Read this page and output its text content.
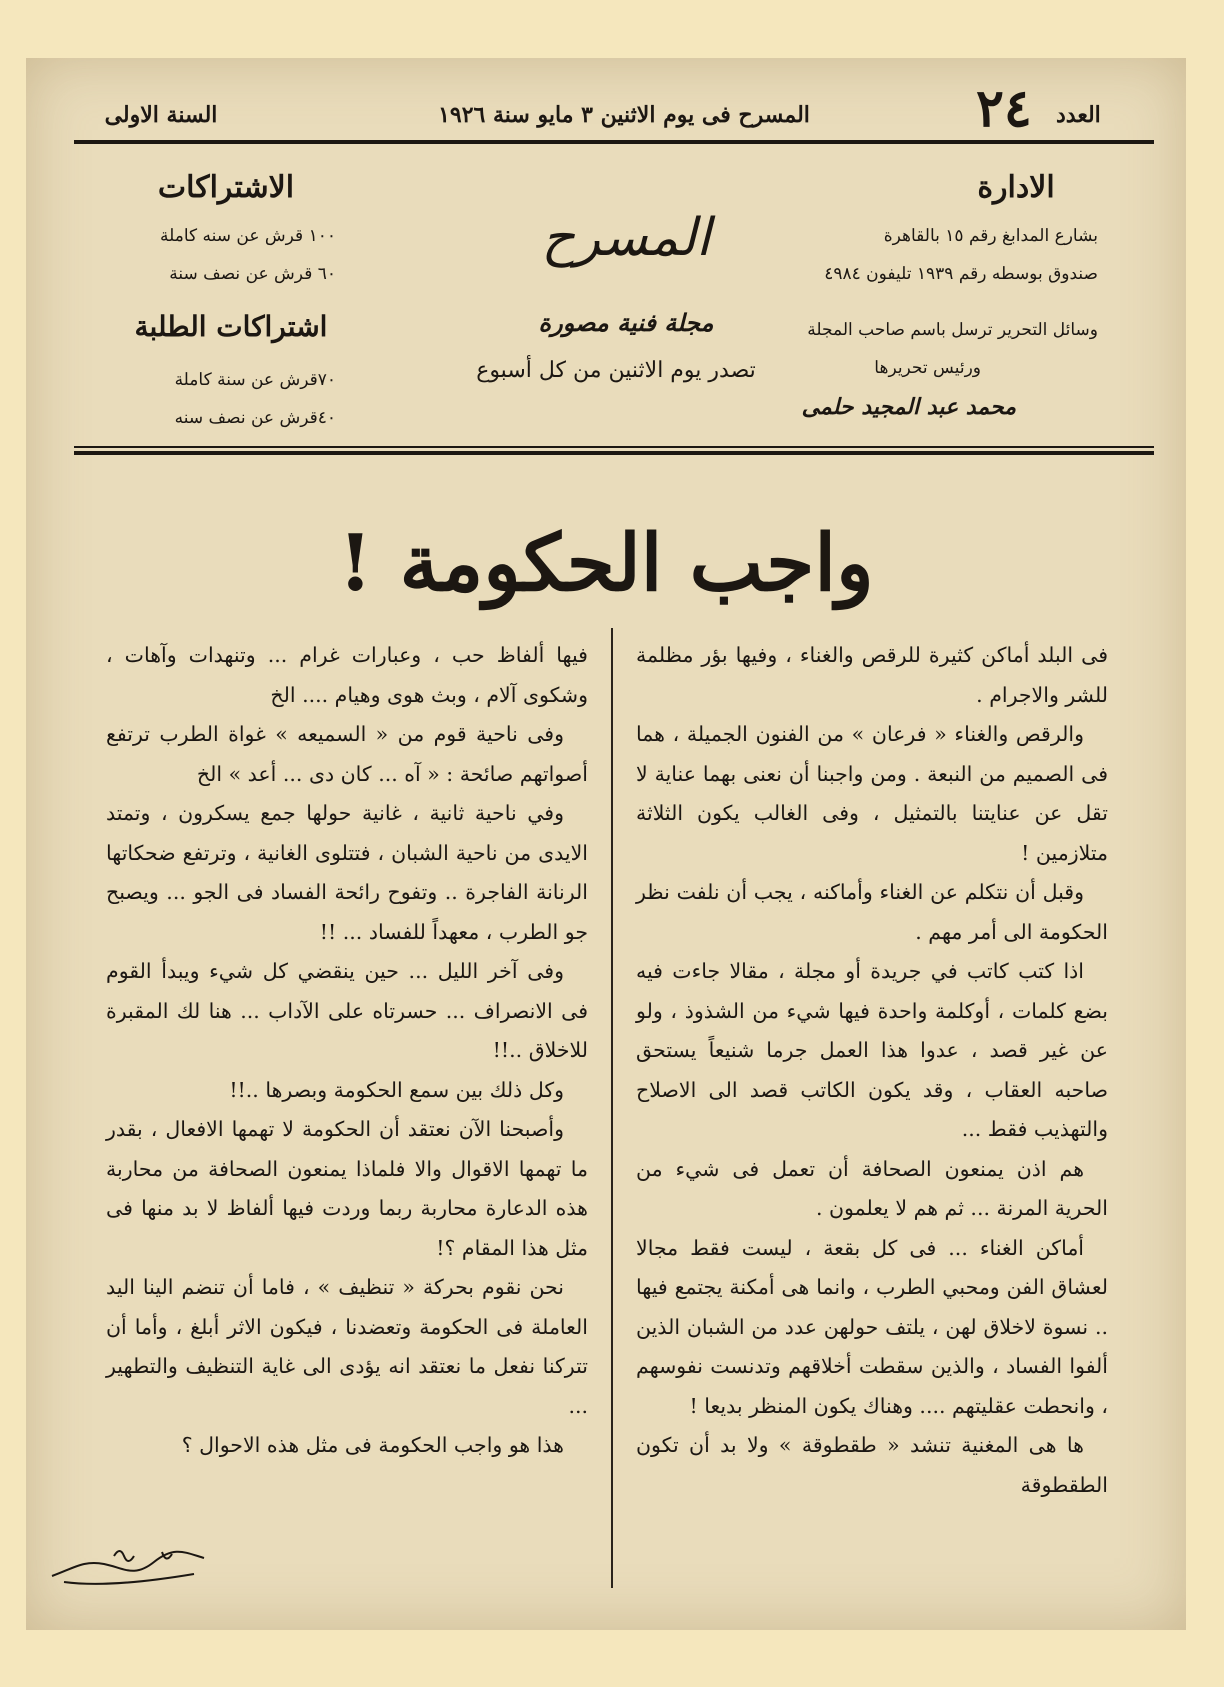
العدد
٢٤
المسرح فى يوم الاثنين ٣ مايو سنة ١٩٢٦
السنة الاولى
الادارة
بشارع المدابغ رقم ١٥ بالقاهرة
صندوق بوسطه رقم ١٩٣٩ تليفون ٤٩٨٤
وسائل التحرير ترسل باسم صاحب المجلة
ورئيس تحريرها
محمد عبد المجيد حلمى
المسرح
مجلة فنية مصورة
تصدر يوم الاثنين من كل أسبوع
الاشتراكات
١٠٠ قرش عن سنه كاملة
٦٠ قرش عن نصف سنة
اشتراكات الطلبة
٧٠قرش عن سنة كاملة
٤٠قرش عن نصف سنه
واجب الحكومة !

فى البلد أماكن كثيرة للرقص والغناء ، وفيها بؤر مظلمة للشر والاجرام .

والرقص والغناء « فرعان » من الفنون الجميلة ، هما فى الصميم من النبعة . ومن واجبنا أن نعنى بهما عناية لا تقل عن عنايتنا بالتمثيل ، وفى الغالب يكون الثلاثة متلازمين !

وقبل أن نتكلم عن الغناء وأماكنه ، يجب أن نلفت نظر الحكومة الى أمر مهم .

اذا كتب كاتب في جريدة أو مجلة ، مقالا جاءت فيه بضع كلمات ، أوكلمة واحدة فيها شيء من الشذوذ ، ولو عن غير قصد ، عدوا هذا العمل جرما شنيعاً يستحق صاحبه العقاب ، وقد يكون الكاتب قصد الى الاصلاح والتهذيب فقط ...

هم اذن يمنعون الصحافة أن تعمل فى شيء من الحرية المرنة ... ثم هم لا يعلمون .

أماكن الغناء ... فى كل بقعة ، ليست فقط مجالا لعشاق الفن ومحبي الطرب ، وانما هى أمكنة يجتمع فيها .. نسوة لاخلاق لهن ، يلتف حولهن عدد من الشبان الذين ألفوا الفساد ، والذين سقطت أخلاقهم وتدنست نفوسهم ، وانحطت عقليتهم .... وهناك يكون المنظر بديعا !

ها هى المغنية تنشد « طقطوقة » ولا بد أن تكون الطقطوقة

فيها ألفاظ حب ، وعبارات غرام ... وتنهدات وآهات ، وشكوى آلام ، وبث هوى وهيام .... الخ

وفى ناحية قوم من « السميعه » غواة الطرب ترتفع أصواتهم صائحة : « آه ... كان دى ... أعد » الخ

وفي ناحية ثانية ، غانية حولها جمع يسكرون ، وتمتد الايدى من ناحية الشبان ، فتتلوى الغانية ، وترتفع ضحكاتها الرنانة الفاجرة .. وتفوح رائحة الفساد فى الجو ... ويصبح جو الطرب ، معهداً للفساد ... !!

وفى آخر الليل ... حين ينقضي كل شيء ويبدأ القوم فى الانصراف ... حسرتاه على الآداب ... هنا لك المقبرة للاخلاق ..!!

وكل ذلك بين سمع الحكومة وبصرها ..!!

وأصبحنا الآن نعتقد أن الحكومة لا تهمها الافعال ، بقدر ما تهمها الاقوال والا فلماذا يمنعون الصحافة من محاربة هذه الدعارة محاربة ربما وردت فيها ألفاظ لا بد منها فى مثل هذا المقام ؟!

نحن نقوم بحركة « تنظيف » ، فاما أن تنضم الينا اليد العاملة فى الحكومة وتعضدنا ، فيكون الاثر أبلغ ، وأما أن تتركنا نفعل ما نعتقد انه يؤدى الى غاية التنظيف والتطهير ...

هذا هو واجب الحكومة فى مثل هذه الاحوال ؟
